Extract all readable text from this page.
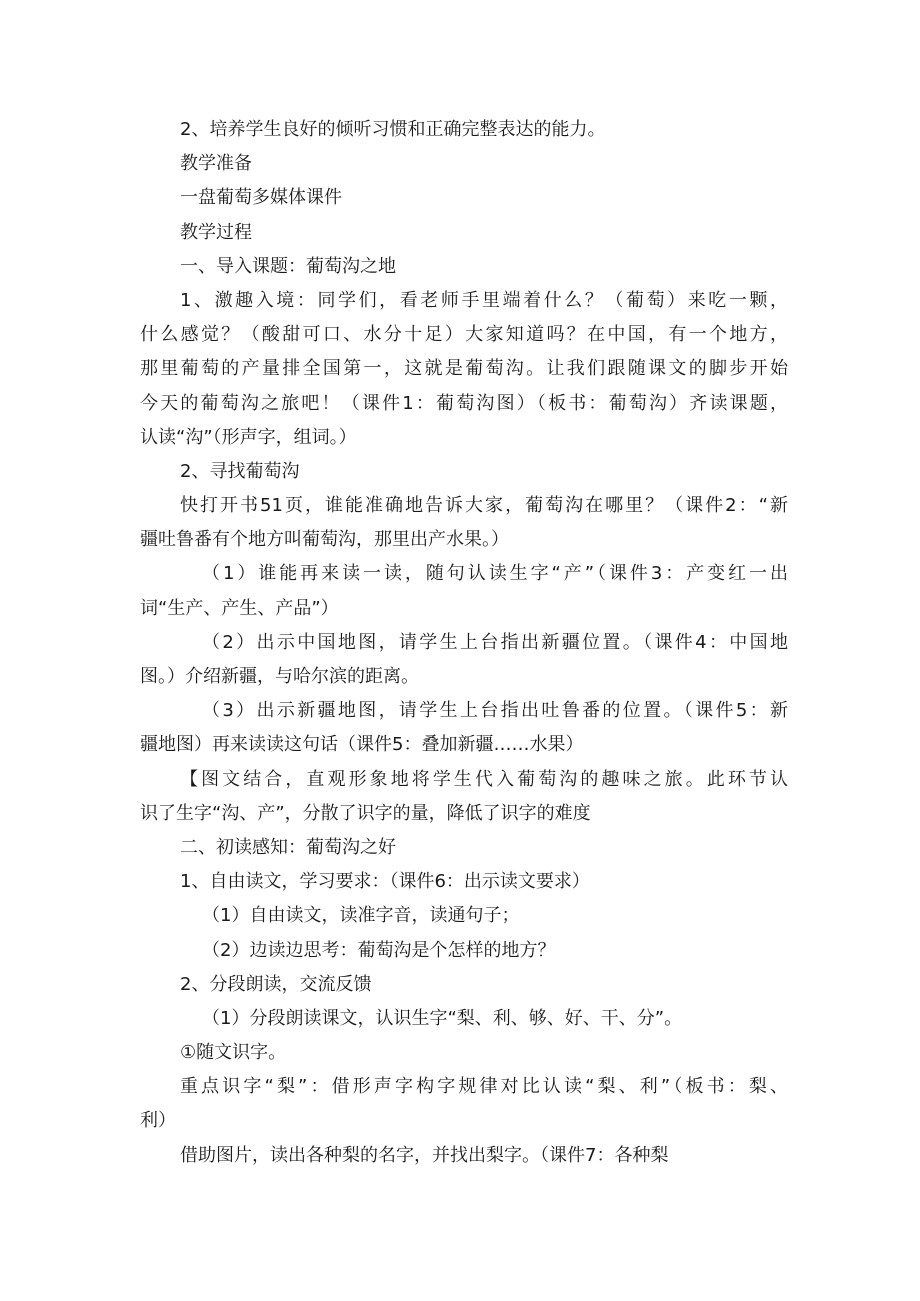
2、培养学生良好的倾听习惯和正确完整表达的能力。
教学准备
一盘葡萄多媒体课件
教学过程
一、导入课题：葡萄沟之地
1、激趣入境：同学们，看老师手里端着什么？（葡萄）来吃一颗，
什么感觉？（酸甜可口、水分十足）大家知道吗？在中国，有一个地方，
那里葡萄的产量排全国第一，这就是葡萄沟。让我们跟随课文的脚步开始
今天的葡萄沟之旅吧！（课件1：葡萄沟图）（板书：葡萄沟）齐读课题，
认读“沟”（形声字，组词。）
2、寻找葡萄沟
快打开书51页，谁能准确地告诉大家，葡萄沟在哪里？（课件2：“新
疆吐鲁番有个地方叫葡萄沟，那里出产水果。）
（1）谁能再来读一读，随句认读生字“产”（课件3：产变红一出
词“生产、产生、产品”）
（2）出示中国地图，请学生上台指出新疆位置。（课件4：中国地
图。）介绍新疆，与哈尔滨的距离。
（3）出示新疆地图，请学生上台指出吐鲁番的位置。（课件5：新
疆地图）再来读读这句话（课件5：叠加新疆……水果）
【图文结合，直观形象地将学生代入葡萄沟的趣味之旅。此环节认
识了生字“沟、产”，分散了识字的量，降低了识字的难度
二、初读感知：葡萄沟之好
1、自由读文，学习要求：（课件6：出示读文要求）
（1）自由读文，读准字音，读通句子；
（2）边读边思考：葡萄沟是个怎样的地方？
2、分段朗读，交流反馈
（1）分段朗读课文，认识生字“梨、利、够、好、干、分”。
①随文识字。
重点识字“梨”：借形声字构字规律对比认读“梨、利”（板书：梨、
利）
借助图片，读出各种梨的名字，并找出梨字。（课件7：各种梨
